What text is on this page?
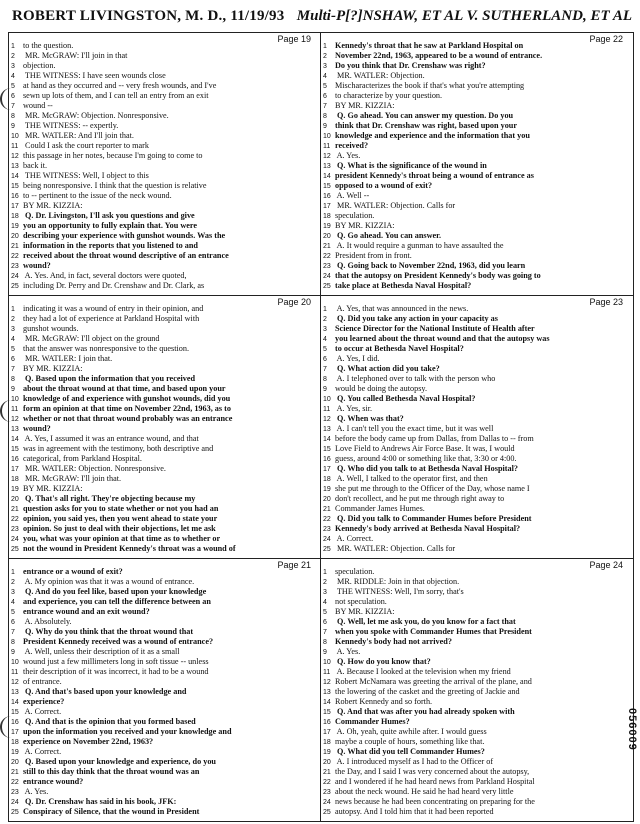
ROBERT LIVINGSTON, M. D., 11/19/93 Multi-P[?]NSHAW, ET AL V. SUTHERLAND, ET AL
Page 19
1 to the question.
2 MR. McGRAW: I'll join in that
3 objection.
4 THE WITNESS: I have seen wounds close
5 at hand as they occurred and -- very fresh wounds, and I've
6 sewn up lots of them, and I can tell an entry from an exit
7 wound --
8 MR. McGRAW: Objection. Nonresponsive.
9 THE WITNESS: -- expertly.
10 MR. WATLER: And I'll join that.
11 Could I ask the court reporter to mark
12 this passage in her notes, because I'm going to come to
13 back it.
14 THE WITNESS: Well, I object to this
15 being nonresponsive. I think that the question is relative
16 to -- pertinent to the issue of the neck wound.
17 BY MR. KIZZIA:
18 Q. Dr. Livingston, I'll ask you questions and give
19 you an opportunity to fully explain that. You were
20 describing your experience with gunshot wounds. Was the
21 information in the reports that you listened to and
22 received about the throat wound descriptive of an entrance
23 wound?
24 A. Yes. And, in fact, several doctors were quoted,
25 including Dr. Perry and Dr. Crenshaw and Dr. Clark, as
Page 22
1 Kennedy's throat that he saw at Parkland Hospital on
2 November 22nd, 1963, appeared to be a wound of entrance.
3 Do you think that Dr. Crenshaw was right?
4 MR. WATLER: Objection.
5 Mischaracterizes the book if that's what you're attempting
6 to characterize by your question.
7 BY MR. KIZZIA:
8 Q. Go ahead. You can answer my question. Do you
9 think that Dr. Crenshaw was right, based upon your
10 knowledge and experience and the information that you
11 received?
12 A. Yes.
13 Q. What is the significance of the wound in
14 president Kennedy's throat being a wound of entrance as
15 opposed to a wound of exit?
16 A. Well --
17 MR. WATLER: Objection. Calls for
18 speculation.
19 BY MR. KIZZIA:
20 Q. Go ahead. You can answer.
21 A. It would require a gunman to have assaulted the
22 President from in front.
23 Q. Going back to November 22nd, 1963, did you learn
24 that the autopsy on President Kennedy's body was going to
25 take place at Bethesda Naval Hospital?
Page 20
1 indicating it was a wound of entry in their opinion, and
2 they had a lot of experience at Parkland Hospital with
3 gunshot wounds.
4 MR. McGRAW: I'll object on the ground
5 that the answer was nonresponsive to the question.
6 MR. WATLER: I join that.
7 BY MR. KIZZIA:
8 Q. Based upon the information that you received
9 about the throat wound at that time, and based upon your
10 knowledge of and experience with gunshot wounds, did you
11 form an opinion at that time on November 22nd, 1963, as to
12 whether or not that throat wound probably was an entrance
13 wound?
14 A. Yes, I assumed it was an entrance wound, and that
15 was in agreement with the testimony, both descriptive and
16 categorical, from Parkland Hospital.
17 MR. WATLER: Objection. Nonresponsive.
18 MR. McGRAW: I'll join that.
19 BY MR. KIZZIA:
20 Q. That's all right. They're objecting because my
21 question asks for you to state whether or not you had an
22 opinion, you said yes, then you went ahead to state your
23 opinion. So just to deal with their objections, let me ask
24 you, what was your opinion at that time as to whether or
25 not the wound in President Kennedy's throat was a wound of
Page 23
1 A. Yes, that was announced in the news.
2 Q. Did you take any action in your capacity as
3 Science Director for the National Institute of Health after
4 you learned about the throat wound and that the autopsy was
5 to occur at Bethesda Navel Hospital?
6 A. Yes, I did.
7 Q. What action did you take?
8 A. I telephoned over to talk with the person who
9 would be doing the autopsy.
10 Q. You called Bethesda Naval Hospital?
11 A. Yes, sir.
12 Q. When was that?
13 A. I can't tell you the exact time, but it was well
14 before the body came up from Dallas, from Dallas to -- from
15 Love Field to Andrews Air Force Base. It was, I would
16 guess, around 4:00 or something like that, 3:30 or 4:00.
17 Q. Who did you talk to at Bethesda Naval Hospital?
18 A. Well, I talked to the operator first, and then
19 she put me through to the Officer of the Day, whose name I
20 don't recollect, and he put me through right away to
21 Commander James Humes.
22 Q. Did you talk to Commander Humes before President
23 Kennedy's body arrived at Bethesda Naval Hospital?
24 A. Correct.
25 MR. WATLER: Objection. Calls for
Page 21
1 entrance or a wound of exit?
2 A. My opinion was that it was a wound of entrance.
3 Q. And do you feel like, based upon your knowledge
4 and experience, you can tell the difference between an
5 entrance wound and an exit wound?
6 A. Absolutely.
7 Q. Why do you think that the throat wound that
8 President Kennedy received was a wound of entrance?
9 A. Well, unless their description of it as a small
10 wound just a few millimeters long in soft tissue -- unless
11 their description of it was incorrect, it had to be a wound
12 of entrance.
13 Q. And that's based upon your knowledge and
14 experience?
15 A. Correct.
16 Q. And that is the opinion that you formed based
17 upon the information you received and your knowledge and
18 experience on November 22nd, 1963?
19 A. Correct.
20 Q. Based upon your knowledge and experience, do you
21 still to this day think that the throat wound was an
22 entrance wound?
23 A. Yes.
24 Q. Dr. Crenshaw has said in his book, JFK:
25 Conspiracy of Silence, that the wound in President
Page 24
1 speculation.
2 MR. RIDDLE: Join in that objection.
3 THE WITNESS: Well, I'm sorry, that's
4 not speculation.
5 BY MR. KIZZIA:
6 Q. Well, let me ask you, do you know for a fact that
7 when you spoke with Commander Humes that President
8 Kennedy's body had not arrived?
9 A. Yes.
10 Q. How do you know that?
11 A. Because I looked at the television when my friend
12 Robert McNamara was greeting the arrival of the plane, and
13 the lowering of the casket and the greeting of Jackie and
14 Robert Kennedy and so forth.
15 Q. And that was after you had already spoken with
16 Commander Humes?
17 A. Oh, yeah, quite awhile after. I would guess
18 maybe a couple of hours, something like that.
19 Q. What did you tell Commander Humes?
20 A. I introduced myself as I had to the Officer of
21 the Day, and I said I was very concerned about the autopsy,
22 and I wondered if he had heard news from Parkland Hospital
23 about the neck wound. He said he had heard very little
24 news because he had been concentrating on preparing for the
25 autopsy. And I told him that it had been reported
056009
